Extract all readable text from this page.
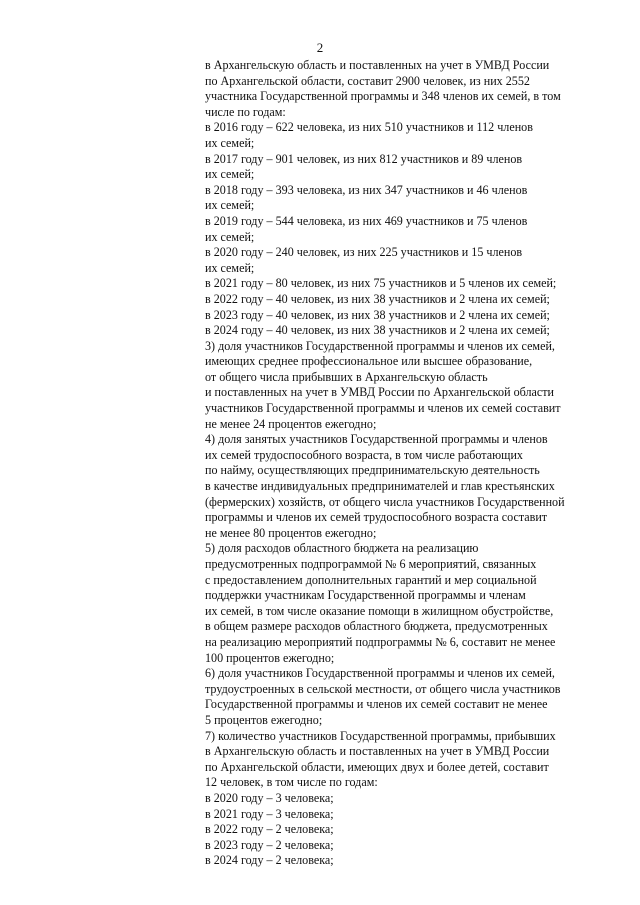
2
в Архангельскую область и поставленных на учет в УМВД России
по Архангельской области, составит 2900 человек, из них 2552
участника Государственной программы и 348 членов их семей, в том
числе по годам:
в 2016 году – 622 человека, из них 510 участников и 112 членов
их семей;
в 2017 году – 901 человек, из них 812 участников и 89 членов
их семей;
в 2018 году – 393 человека, из них 347 участников и 46 членов
их семей;
в 2019 году – 544 человека, из них 469 участников и 75 членов
их семей;
в 2020 году – 240 человек, из них 225 участников и 15 членов
их семей;
в 2021 году – 80 человек, из них 75 участников и 5 членов их семей;
в 2022 году – 40 человек, из них 38 участников и 2 члена их семей;
в 2023 году – 40 человек, из них 38 участников и 2 члена их семей;
в 2024 году – 40 человек, из них 38 участников и 2 члена их семей;
3) доля участников Государственной программы и членов их семей,
имеющих среднее профессиональное или высшее образование,
от общего числа прибывших в Архангельскую область
и поставленных на учет в УМВД России по Архангельской области
участников Государственной программы и членов их семей составит
не менее 24 процентов ежегодно;
4) доля занятых участников Государственной программы и членов
их семей трудоспособного возраста, в том числе работающих
по найму, осуществляющих предпринимательскую деятельность
в качестве индивидуальных предпринимателей и глав крестьянских
(фермерских) хозяйств, от общего числа участников Государственной
программы и членов их семей трудоспособного возраста составит
не менее 80 процентов ежегодно;
5) доля расходов областного бюджета на реализацию
предусмотренных подпрограммой № 6 мероприятий, связанных
с предоставлением дополнительных гарантий и мер социальной
поддержки участникам Государственной программы и членам
их семей, в том числе оказание помощи в жилищном обустройстве,
в общем размере расходов областного бюджета, предусмотренных
на реализацию мероприятий подпрограммы № 6, составит не менее
100 процентов ежегодно;
6) доля участников Государственной программы и членов их семей,
трудоустроенных в сельской местности, от общего числа участников
Государственной программы и членов их семей составит не менее
5 процентов ежегодно;
7) количество участников Государственной программы, прибывших
в Архангельскую область и поставленных на учет в УМВД России
по Архангельской области, имеющих двух и более детей, составит
12 человек, в том числе по годам:
в 2020 году – 3 человека;
в 2021 году – 3 человека;
в 2022 году – 2 человека;
в 2023 году – 2 человека;
в 2024 году – 2 человека;
